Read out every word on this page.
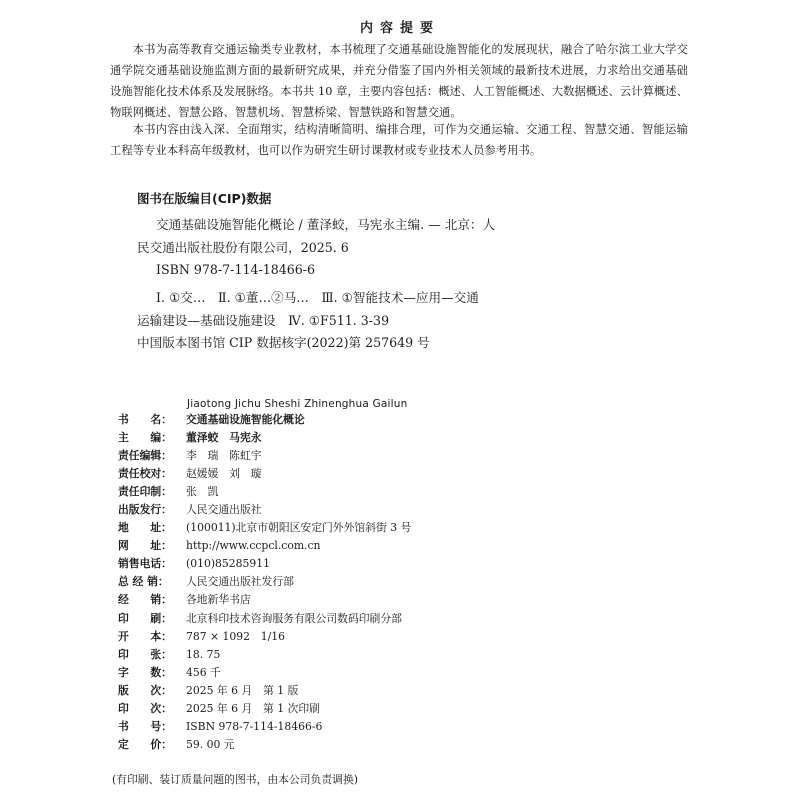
内容提要

本书为高等教育交通运输类专业教材，本书梳理了交通基础设施智能化的发展现状，融合了哈尔滨工业大学交通学院交通基础设施监测方面的最新研究成果，并充分借鉴了国内外相关领域的最新技术进展，力求给出交通基础设施智能化技术体系及发展脉络。本书共 10 章，主要内容包括：概述、人工智能概述、大数据概述、云计算概述、物联网概述、智慧公路、智慧机场、智慧桥梁、智慧铁路和智慧交通。

本书内容由浅入深、全面翔实，结构清晰简明、编排合理，可作为交通运输、交通工程、智慧交通、智能运输工程等专业本科高年级教材，也可以作为研究生研讨课教材或专业技术人员参考用书。

图书在版编目(CIP)数据
交通基础设施智能化概论 / 董泽蛟，马宪永主编. — 北京：人
民交通出版社股份有限公司，2025. 6
ISBN 978-7-114-18466-6
Ⅰ. ①交…　Ⅱ. ①董…②马…　Ⅲ. ①智能技术—应用—交通
运输建设—基础设施建设　Ⅳ. ①F511. 3-39
中国版本图书馆 CIP 数据核字(2022)第 257649 号
Jiaotong Jichu Sheshi Zhinenghua Gailun
书　　名： 交通基础设施智能化概论
主　　编： 董泽蛟　马宪永
责任编辑： 李　瑞　陈虹宇
责任校对： 赵媛媛　刘　璇
责任印制： 张　凯
出版发行： 人民交通出版社
地　　址： (100011)北京市朝阳区安定门外外馆斜街 3 号
网　　址： http://www.ccpcl.com.cn
销售电话： (010)85285911
总 经 销： 人民交通出版社发行部
经　　销： 各地新华书店
印　　刷： 北京科印技术咨询服务有限公司数码印刷分部
开　　本： 787 × 1092　1/16
印　　张： 18. 75
字　　数： 456 千
版　　次： 2025 年 6 月　第 1 版
印　　次： 2025 年 6 月　第 1 次印刷
书　　号： ISBN 978-7-114-18466-6
定　　价： 59. 00 元
(有印刷、装订质量问题的图书，由本公司负责调换)
